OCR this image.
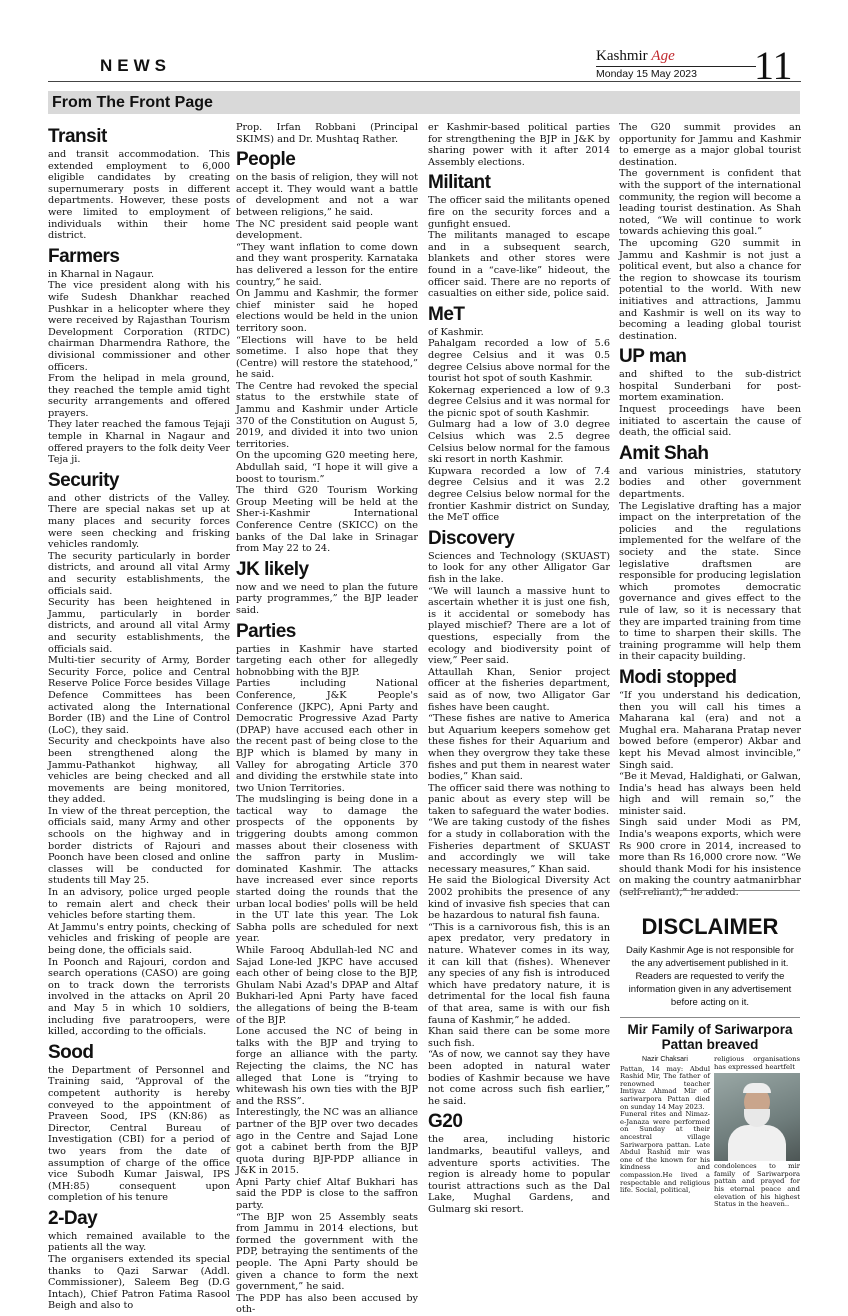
NEWS	Kashmir Age
Monday 15 May 2023	11
From The Front Page
Transit

and transit accommodation. This extended employment to 6,000 eligible candidates by creating supernumerary posts in different departments. However, these posts were limited to employment of individuals within their home district.

Farmers

in Kharnal in Nagaur.

The vice president along with his wife Sudesh Dhankhar reached Pushkar in a helicopter where they were received by Rajasthan Tourism Development Corporation (RTDC) chairman Dharmendra Rathore, the divisional commissioner and other officers.

From the helipad in mela ground, they reached the temple amid tight security arrangements and offered prayers.

They later reached the famous Tejaji temple in Kharnal in Nagaur and offered prayers to the folk deity Veer Teja ji.

Security

and other districts of the Valley. There are special nakas set up at many places and security forces were seen checking and frisking vehicles randomly.

The security particularly in border districts, and around all vital Army and security establishments, the officials said.

Security has been heightened in Jammu, particularly in border districts, and around all vital Army and security establishments, the officials said.

Multi-tier security of Army, Border Security Force, police and Central Reserve Police Force besides Village Defence Committees has been activated along the International Border (IB) and the Line of Control (LoC), they said.

Security and checkpoints have also been strengthened along the Jammu-Pathankot highway, all vehicles are being checked and all movements are being monitored, they added.

In view of the threat perception, the officials said, many Army and other schools on the highway and in border districts of Rajouri and Poonch have been closed and online classes will be conducted for students till May 25.

In an advisory, police urged people to remain alert and check their vehicles before starting them.

At Jammu's entry points, checking of vehicles and frisking of people are being done, the officials said.

In Poonch and Rajouri, cordon and search operations (CASO) are going on to track down the terrorists involved in the attacks on April 20 and May 5 in which 10 soldiers, including five paratroopers, were killed, according to the officials.

Sood

the Department of Personnel and Training said, “Approval of the competent authority is hereby conveyed to the appointment of Praveen Sood, IPS (KN:86) as Director, Central Bureau of Investigation (CBI) for a period of two years from the date of assumption of charge of the office vice Subodh Kumar Jaiswal, IPS (MH:85) consequent upon completion of his tenure

2-Day

which remained available to the patients all the way.

The organisers extended its special thanks to Qazi Sarwar (Addl. Commissioner), Saleem Beg (D.G Intach), Chief Patron Fatima Rasool Beigh and also to

Prop. Irfan Robbani (Principal SKIMS) and Dr. Mushtaq Rather.

People

on the basis of religion, they will not accept it. They would want a battle of development and not a war between religions,” he said.

The NC president said people want development.

“They want inflation to come down and they want prosperity. Karnataka has delivered a lesson for the entire country,” he said.

On Jammu and Kashmir, the former chief minister said he hoped elections would be held in the union territory soon.

“Elections will have to be held sometime. I also hope that they (Centre) will restore the statehood,” he said.

The Centre had revoked the special status to the erstwhile state of Jammu and Kashmir under Article 370 of the Constitution on August 5, 2019, and divided it into two union territories.

On the upcoming G20 meeting here, Abdullah said, “I hope it will give a boost to tourism.”

The third G20 Tourism Working Group Meeting will be held at the Sher-i-Kashmir International Conference Centre (SKICC) on the banks of the Dal lake in Srinagar from May 22 to 24.

JK likely

now and we need to plan the future party programmes,” the BJP leader said.

Parties

parties in Kashmir have started targeting each other for allegedly hobnobbing with the BJP.

Parties including National Conference, J&K People's Conference (JKPC), Apni Party and Democratic Progressive Azad Party (DPAP) have accused each other in the recent past of being close to the BJP which is blamed by many in Valley for abrogating Article 370 and dividing the erstwhile state into two Union Territories.

The mudslinging is being done in a tactical way to damage the prospects of the opponents by triggering doubts among common masses about their closeness with the saffron party in Muslim-dominated Kashmir. The attacks have increased ever since reports started doing the rounds that the urban local bodies' polls will be held in the UT late this year. The Lok Sabha polls are scheduled for next year.

While Farooq Abdullah-led NC and Sajad Lone-led JKPC have accused each other of being close to the BJP, Ghulam Nabi Azad's DPAP and Altaf Bukhari-led Apni Party have faced the allegations of being the B-team of the BJP.

Lone accused the NC of being in talks with the BJP and trying to forge an alliance with the party. Rejecting the claims, the NC has alleged that Lone is “trying to whitewash his own ties with the BJP and the RSS”.

Interestingly, the NC was an alliance partner of the BJP over two decades ago in the Centre and Sajad Lone got a cabinet berth from the BJP quota during BJP-PDP alliance in J&K in 2015.

Apni Party chief Altaf Bukhari has said the PDP is close to the saffron party.

“The BJP won 25 Assembly seats from Jammu in 2014 elections, but formed the government with the PDP, betraying the sentiments of the people. The Apni Party should be given a chance to form the next government,” he said.

The PDP has also been accused by oth-

er Kashmir-based political parties for strengthening the BJP in J&K by sharing power with it after 2014 Assembly elections.

Militant

The officer said the militants opened fire on the security forces and a gunfight ensued.

The militants managed to escape and in a subsequent search, blankets and other stores were found in a “cave-like” hideout, the officer said. There are no reports of casualties on either side, police said.

MeT

of Kashmir.

Pahalgam recorded a low of 5.6 degree Celsius and it was 0.5 degree Celsius above normal for the tourist hot spot of south Kashmir.

Kokernag experienced a low of 9.3 degree Celsius and it was normal for the picnic spot of south Kashmir.

Gulmarg had a low of 3.0 degree Celsius which was 2.5 degree Celsius below normal for the famous ski resort in north Kashmir.

Kupwara recorded a low of 7.4 degree Celsius and it was 2.2 degree Celsius below normal for the frontier Kashmir district on Sunday, the MeT office

Discovery

Sciences and Technology (SKUAST) to look for any other Alligator Gar fish in the lake.

“We will launch a massive hunt to ascertain whether it is just one fish, is it accidental or somebody has played mischief? There are a lot of questions, especially from the ecology and biodiversity point of view,” Peer said.

Attaullah Khan, Senior project officer at the fisheries department, said as of now, two Alligator Gar fishes have been caught.

“These fishes are native to America but Aquarium keepers somehow get these fishes for their Aquarium and when they overgrow they take these fishes and put them in nearest water bodies,” Khan said.

The officer said there was nothing to panic about as every step will be taken to safeguard the water bodies.

“We are taking custody of the fishes for a study in collaboration with the Fisheries department of SKUAST and accordingly we will take necessary measures,” Khan said.

He said the Biological Diversity Act 2002 prohibits the presence of any kind of invasive fish species that can be hazardous to natural fish fauna.

“This is a carnivorous fish, this is an apex predator, very predatory in nature. Whatever comes in its way, it can kill that (fishes). Whenever any species of any fish is introduced which have predatory nature, it is detrimental for the local fish fauna of that area, same is with our fish fauna of Kashmir,” he added.

Khan said there can be some more such fish.

“As of now, we cannot say they have been adopted in natural water bodies of Kashmir because we have not come across such fish earlier,” he said.

G20

the area, including historic landmarks, beautiful valleys, and adventure sports activities. The region is already home to popular tourist attractions such as the Dal Lake, Mughal Gardens, and Gulmarg ski resort.

The G20 summit provides an opportunity for Jammu and Kashmir to emerge as a major global tourist destination.

The government is confident that with the support of the international community, the region will become a leading tourist destination. As Shah noted, “We will continue to work towards achieving this goal.”

The upcoming G20 summit in Jammu and Kashmir is not just a political event, but also a chance for the region to showcase its tourism potential to the world. With new initiatives and attractions, Jammu and Kashmir is well on its way to becoming a leading global tourist destination.

UP man

and shifted to the sub-district hospital Sunderbani for post-mortem examination.

Inquest proceedings have been initiated to ascertain the cause of death, the official said.

Amit Shah

and various ministries, statutory bodies and other government departments.

The Legislative drafting has a major impact on the interpretation of the policies and the regulations implemented for the welfare of the society and the state. Since legislative draftsmen are responsible for producing legislation which promotes democratic governance and gives effect to the rule of law, so it is necessary that they are imparted training from time to time to sharpen their skills. The training programme will help them in their capacity building.

Modi stopped

“If you understand his dedication, then you will call his times a Maharana kal (era) and not a Mughal era. Maharana Pratap never bowed before (emperor) Akbar and kept his Mevad almost invincible,” Singh said.

“Be it Mevad, Haldighati, or Galwan, India's head has always been held high and will remain so,” the minister said.

Singh said under Modi as PM, India's weapons exports, which were Rs 900 crore in 2014, increased to more than Rs 16,000 crore now. “We should thank Modi for his insistence on making the country aatmanirbhar (self-reliant),” he added.

DISCLAIMER
Daily Kashmir Age is not responsible for the any advertisement published in it. Readers are requested to verify the information given in any advertisement before acting on it.
Mir Family of Sariwarpora Pattan breaved
Nazir Chaksari
Pattan, 14 may: Abdul Rashid Mir, The father of renowned teacher Imtiyaz Ahmad Mir of sariwarpora Pattan died on sunday 14 May 2023.
Funeral rites and Nimaz-e-Janaza were performed on Sunday at their ancestral village Sariwarpora pattan. Late Abdul Rashid mir was one of the known for his kindness and compassion.He lived a respectable and religious life. Social, political,
religious organisations has expressed heartfelt
condolences to mir family of Sariwarpora pattan and prayed for his eternal peace and elevation of his highest Status in the heaven..
